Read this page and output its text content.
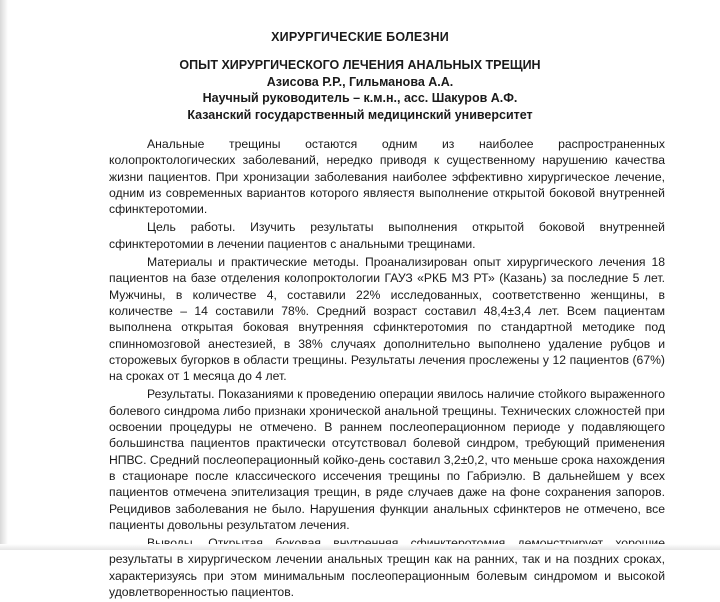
ХИРУРГИЧЕСКИЕ БОЛЕЗНИ
ОПЫТ ХИРУРГИЧЕСКОГО ЛЕЧЕНИЯ АНАЛЬНЫХ ТРЕЩИН
Азисова Р.Р., Гильманова А.А.
Научный руководитель – к.м.н., асс. Шакуров А.Ф.
Казанский государственный медицинский университет

Анальные трещины остаются одним из наиболее распространенных колопроктологических заболеваний, нередко приводя к существенному нарушению качества жизни пациентов. При хронизации заболевания наиболее эффективно хирургическое лечение, одним из современных вариантов которого являестя выполнение открытой боковой внутренней сфинктеротомии.

Цель работы. Изучить результаты выполнения открытой боковой внутренней сфинктеротомии в лечении пациентов с анальными трещинами.

Материалы и практические методы. Проанализирован опыт хирургического лечения 18 пациентов на базе отделения колопроктологии ГАУЗ «РКБ МЗ РТ» (Казань) за последние 5 лет. Мужчины, в количестве 4, составили 22% исследованных, соответственно женщины, в количестве – 14 составили 78%. Средний возраст составил 48,4±3,4 лет. Всем пациентам выполнена открытая боковая внутренняя сфинктеротомия по стандартной методике под спинномозговой анестезией, в 38% случаях дополнительно выполнено удаление рубцов и сторожевых бугорков в области трещины. Результаты лечения прослежены у 12 пациентов (67%) на сроках от 1 месяца до 4 лет.

Результаты. Показаниями к проведению операции явилось наличие стойкого выраженного болевого синдрома либо признаки хронической анальной трещины. Технических сложностей при освоении процедуры не отмечено. В раннем послеоперационном периоде у подавляющего большинства пациентов практически отсутствовал болевой синдром, требующий применения НПВС. Средний послеоперационный койко-день составил 3,2±0,2, что меньше срока нахождения в стационаре после классического иссечения трещины по Габриэлю. В дальнейшем у всех пациентов отмечена эпителизация трещин, в ряде случаев даже на фоне сохранения запоров. Рецидивов заболевания не было. Нарушения функции анальных сфинктеров не отмечено, все пациенты довольны результатом лечения.

результаты в хирургическом лечении анальных трещин как на ранних, так и на поздних сроках, характеризуясь при этом минимальным послеоперационным болевым синдромом и высокой удовлетворенностью пациентов.
